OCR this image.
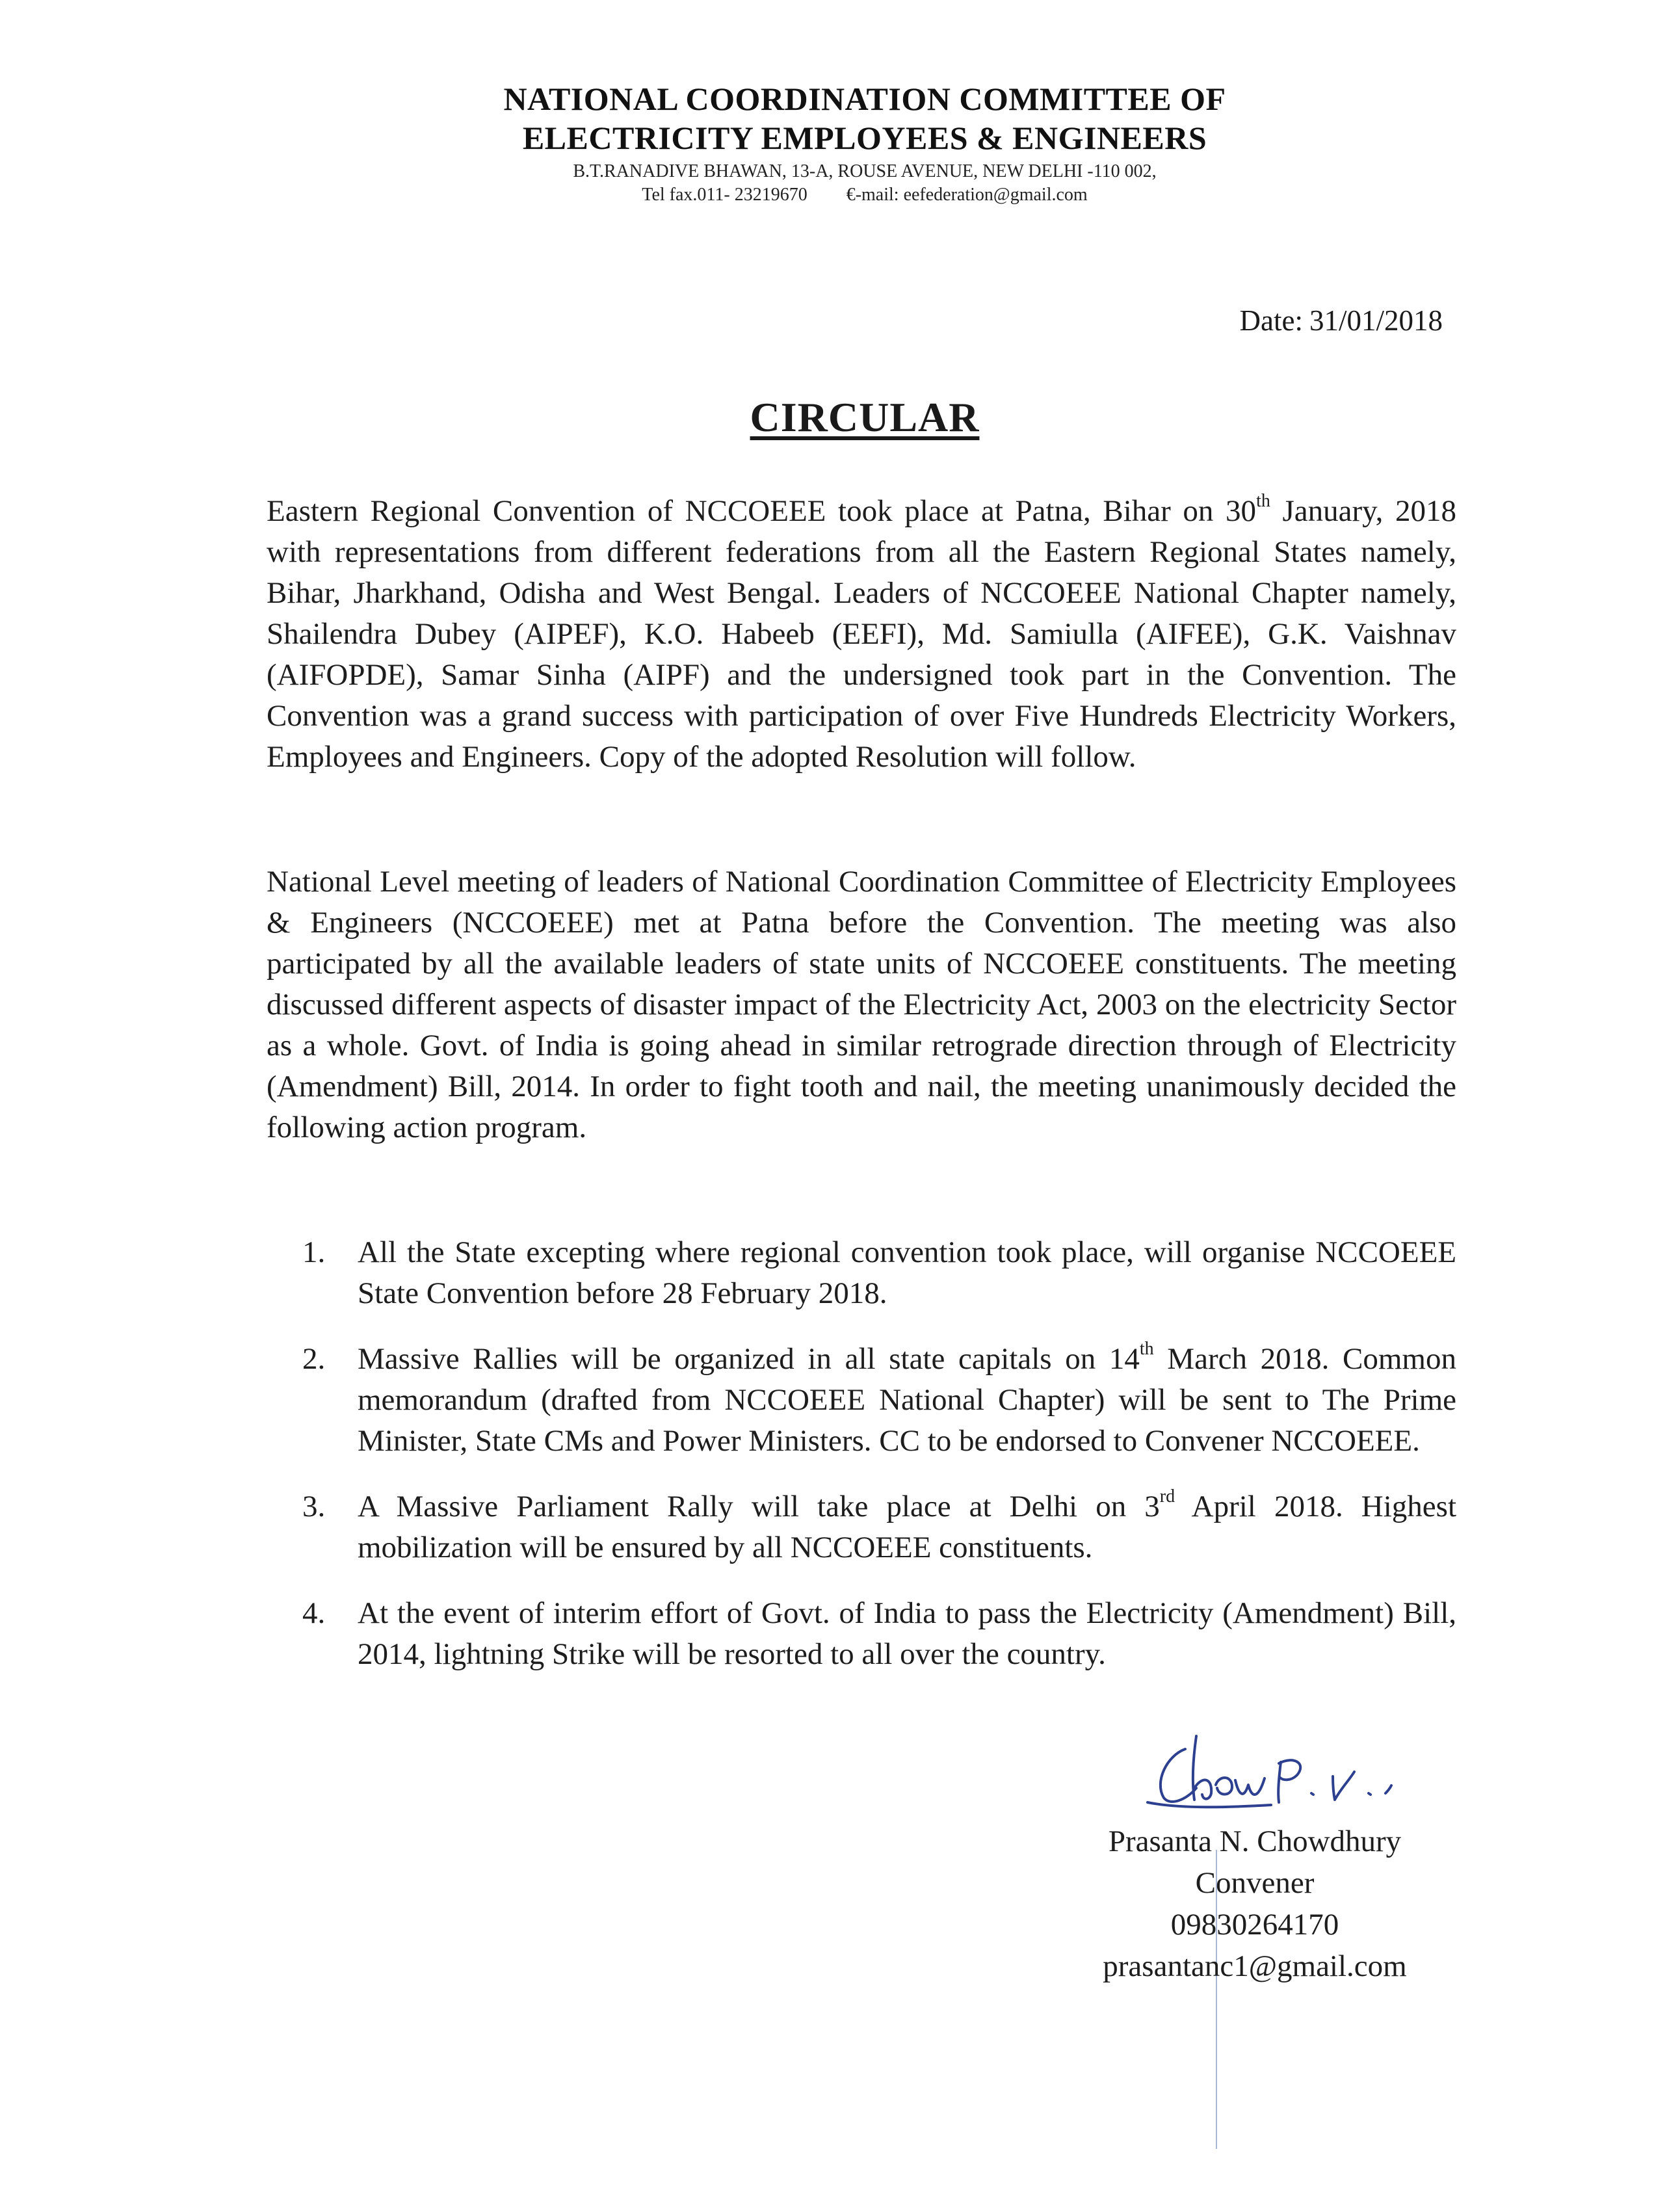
NATIONAL COORDINATION COMMITTEE OF
ELECTRICITY EMPLOYEES & ENGINEERS
B.T.RANADIVE BHAWAN, 13-A, ROUSE AVENUE, NEW DELHI -110 002,
Tel fax.011- 23219670 €-mail: eefederation@gmail.com
Date: 31/01/2018
CIRCULAR

Eastern Regional Convention of NCCOEEE took place at Patna, Bihar on 30th January, 2018 with representations from different federations from all the Eastern Regional States namely, Bihar, Jharkhand, Odisha and West Bengal. Leaders of NCCOEEE National Chapter namely, Shailendra Dubey (AIPEF), K.O. Habeeb (EEFI), Md. Samiulla (AIFEE), G.K. Vaishnav (AIFOPDE), Samar Sinha (AIPF) and the undersigned took part in the Convention. The Convention was a grand success with participation of over Five Hundreds Electricity Workers, Employees and Engineers. Copy of the adopted Resolution will follow.

National Level meeting of leaders of National Coordination Committee of Electricity Employees & Engineers (NCCOEEE) met at Patna before the Convention. The meeting was also participated by all the available leaders of state units of NCCOEEE constituents. The meeting discussed different aspects of disaster impact of the Electricity Act, 2003 on the electricity Sector as a whole. Govt. of India is going ahead in similar retrograde direction through of Electricity (Amendment) Bill, 2014. In order to fight tooth and nail, the meeting unanimously decided the following action program.

1.	All the State excepting where regional convention took place, will organise NCCOEEE State Convention before 28 February 2018.
2.	Massive Rallies will be organized in all state capitals on 14th March 2018. Common memorandum (drafted from NCCOEEE National Chapter) will be sent to The Prime Minister, State CMs and Power Ministers. CC to be endorsed to Convener NCCOEEE.
3.	A Massive Parliament Rally will take place at Delhi on 3rd April 2018. Highest mobilization will be ensured by all NCCOEEE constituents.
4.	At the event of interim effort of Govt. of India to pass the Electricity (Amendment) Bill, 2014, lightning Strike will be resorted to all over the country.
Prasanta N. Chowdhury
Convener
09830264170
prasantanc1@gmail.com
